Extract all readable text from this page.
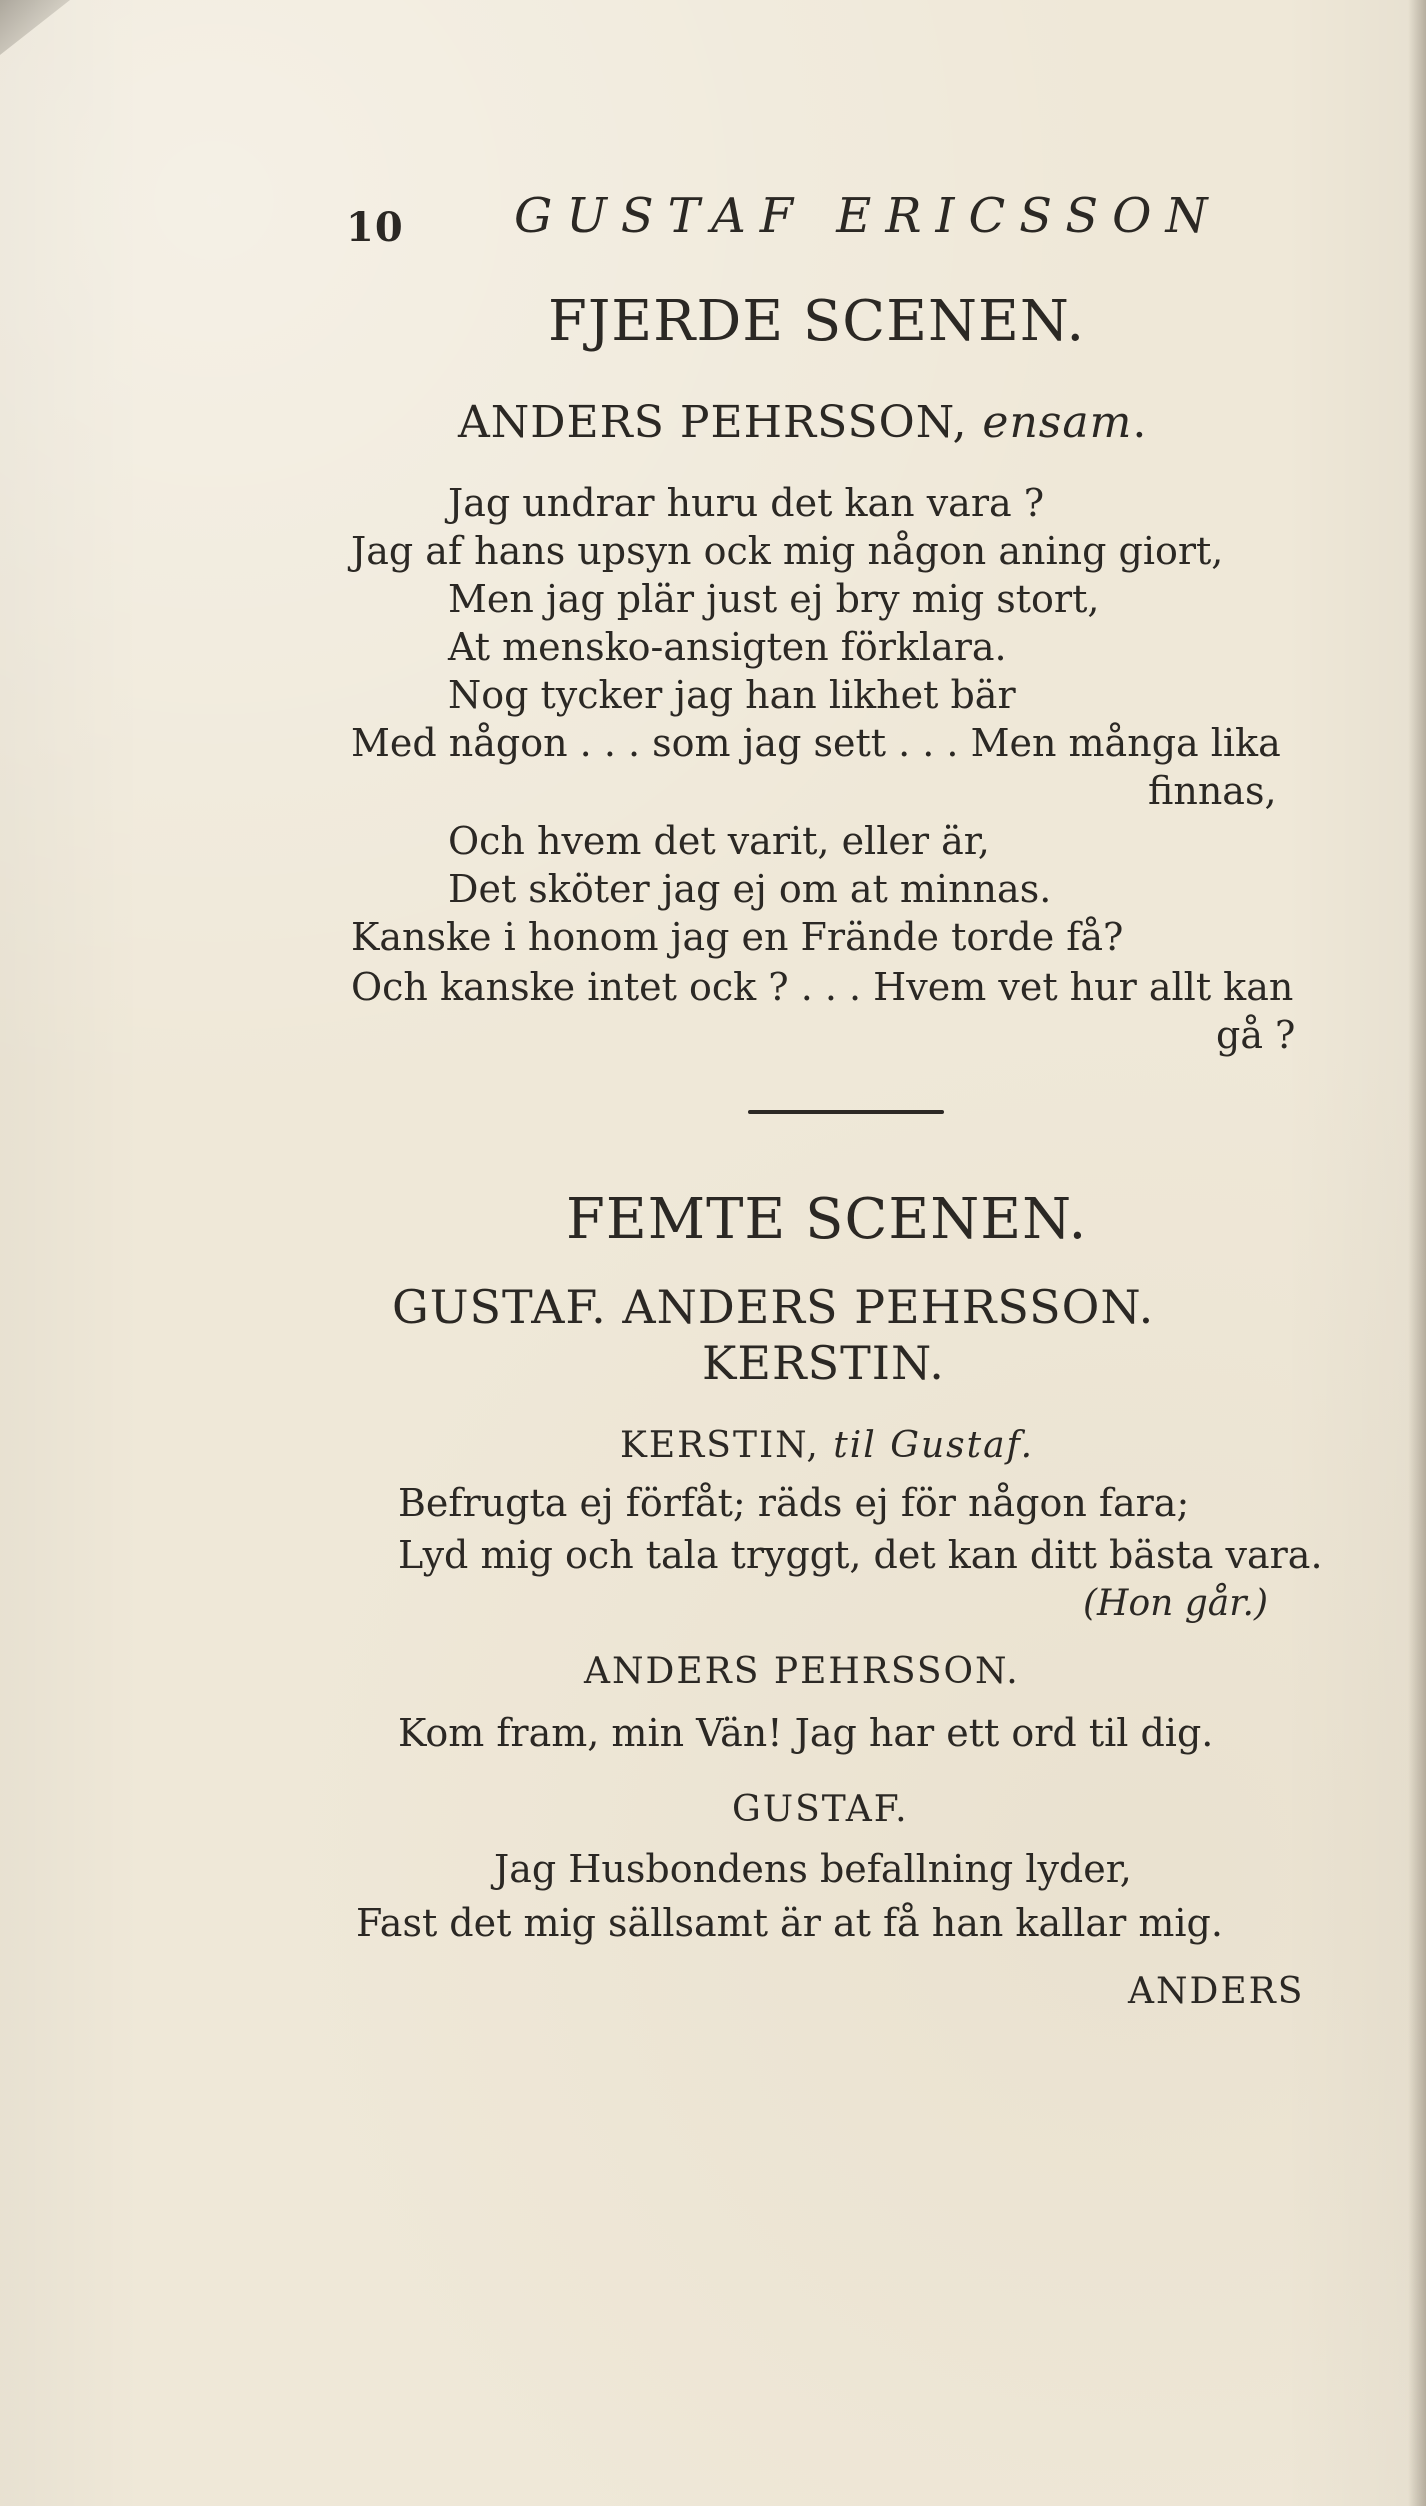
10 GUSTAF ERICSSON
FJERDE SCENEN.
ANDERS PEHRSSON, ensam.
Jag undrar huru det kan vara ?
Jag af hans upsyn ock mig någon aning giort,
Men jag plär just ej bry mig stort,
At mensko-ansigten förklara.
Nog tycker jag han likhet bär
Med någon . . . som jag sett . . . Men många lika
finnas,
Och hvem det varit, eller är,
Det sköter jag ej om at minnas.
Kanske i honom jag en Frände torde få?
Och kanske intet ock ? . . . Hvem vet hur allt kan
gå ?
FEMTE SCENEN.
GUSTAF. ANDERS PEHRSSON.
KERSTIN.
KERSTIN, til Gustaf.
Befrugta ej förfåt; räds ej för någon fara;
Lyd mig och tala tryggt, det kan ditt bästa vara.
(Hon går.)
ANDERS PEHRSSON.
Kom fram, min Vän! Jag har ett ord til dig.
GUSTAF.
Jag Husbondens befallning lyder,
Fast det mig sällsamt är at få han kallar mig.
ANDERS
